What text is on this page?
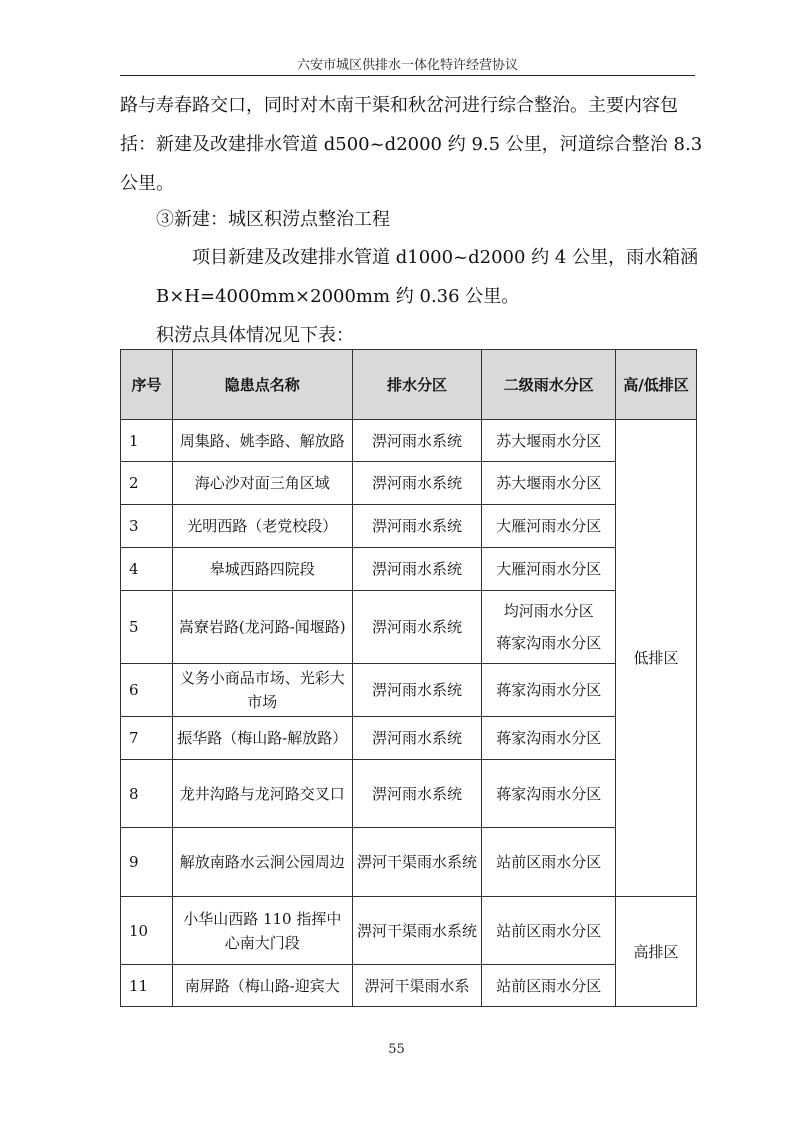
六安市城区供排水一体化特许经营协议
路与寿春路交口，同时对木南干渠和秋岔河进行综合整治。主要内容包
括：新建及改建排水管道 d500~d2000 约 9.5 公里，河道综合整治 8.3
公里。
③新建：城区积涝点整治工程
项目新建及改建排水管道 d1000~d2000 约 4 公里，雨水箱涵
B×H=4000mm×2000mm 约 0.36 公里。
积涝点具体情况见下表：
序号	隐患点名称	排水分区	二级雨水分区	高/低排区
1	周集路、姚李路、解放路	淠河雨水系统	苏大堰雨水分区	低排区
2	海心沙对面三角区域	淠河雨水系统	苏大堰雨水分区	
3	光明西路（老党校段）	淠河雨水系统	大雁河雨水分区	
4	皋城西路四院段	淠河雨水系统	大雁河雨水分区	
5	嵩寮岩路(龙河路-闻堰路)	淠河雨水系统	均河雨水分区
蒋家沟雨水分区	

6	义务小商品市场、光彩大市场	淠河雨水系统	蒋家沟雨水分区	
7	振华路（梅山路-解放路）	淠河雨水系统	蒋家沟雨水分区	
8	龙井沟路与龙河路交叉口	淠河雨水系统	蒋家沟雨水分区	
9	解放南路水云涧公园周边	淠河干渠雨水系统	站前区雨水分区	
10	小华山西路 110 指挥中心南大门段	淠河干渠雨水系统	站前区雨水分区	高排区
11	南屏路（梅山路-迎宾大	淠河干渠雨水系	站前区雨水分区	
55
